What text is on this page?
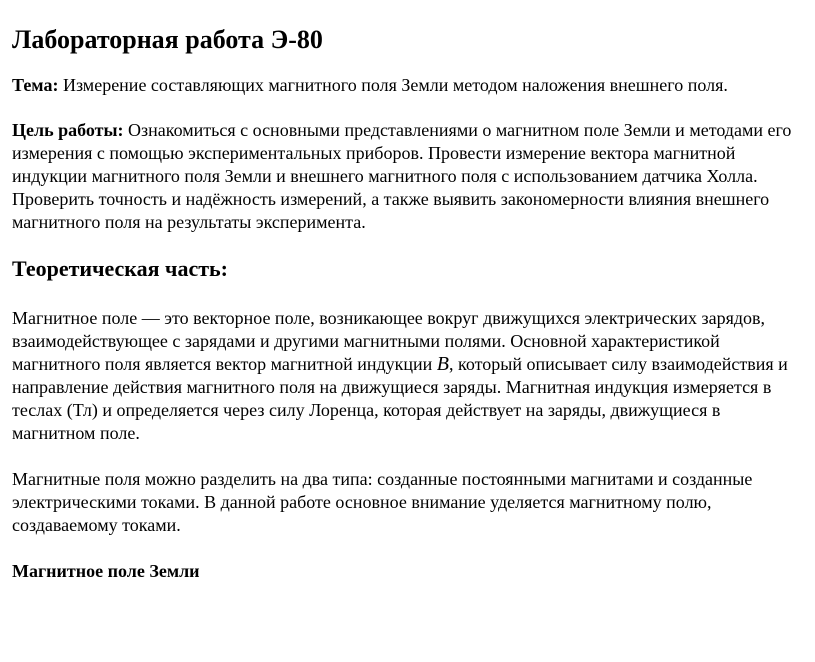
Лабораторная работа Э-80

Тема: Измерение составляющих магнитного поля Земли методом наложения внешнего поля.

Цель работы: Ознакомиться с основными представлениями о магнитном поле Земли и методами его измерения с помощью экспериментальных приборов. Провести измерение вектора магнитной индукции магнитного поля Земли и внешнего магнитного поля с использованием датчика Холла. Проверить точность и надёжность измерений, а также выявить закономерности влияния внешнего магнитного поля на результаты эксперимента.

Теоретическая часть:

Магнитное поле — это векторное поле, возникающее вокруг движущихся электрических зарядов, взаимодействующее с зарядами и другими магнитными полями. Основной характеристикой магнитного поля является вектор магнитной индукции B, который описывает силу взаимодействия и направление действия магнитного поля на движущиеся заряды. Магнитная индукция измеряется в теслах (Тл) и определяется через силу Лоренца, которая действует на заряды, движущиеся в магнитном поле.

Магнитные поля можно разделить на два типа: созданные постоянными магнитами и созданные электрическими токами. В данной работе основное внимание уделяется магнитному полю, создаваемому токами.

Магнитное поле Земли
